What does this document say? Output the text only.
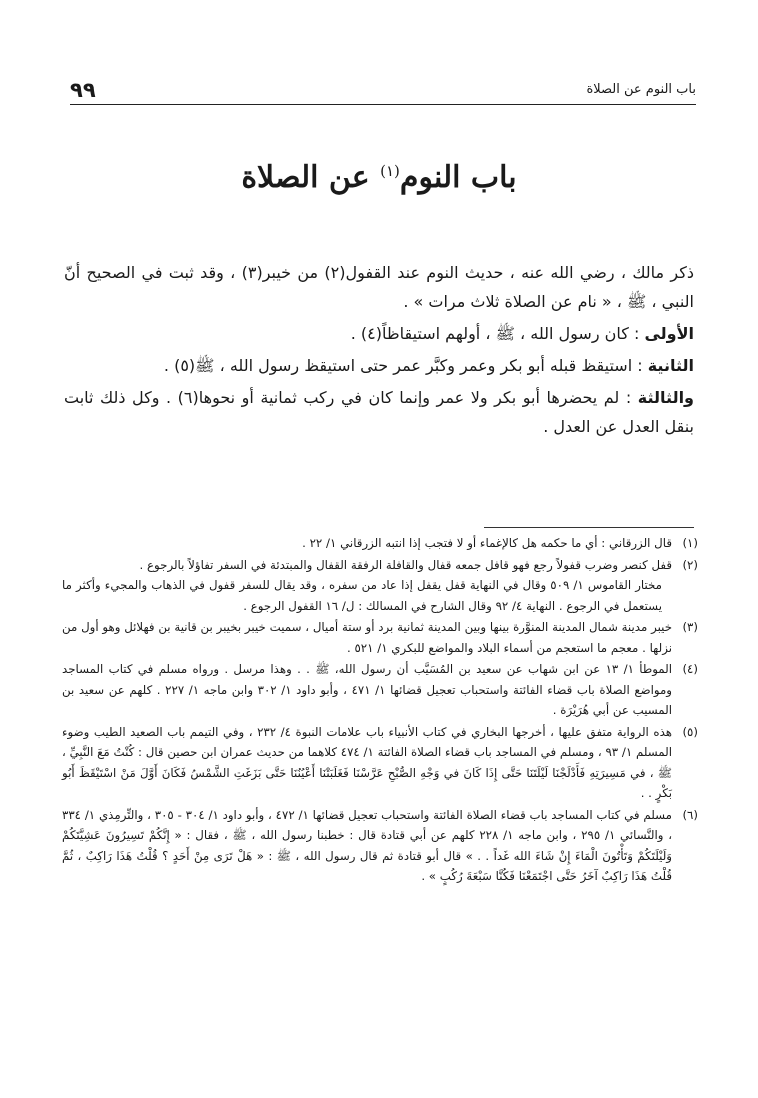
باب النوم عن الصلاة
٩٩
باب النوم$^{(١)}$ عن الصلاة

ذكر مالك ، رضي الله عنه ، حديث النوم عند القفول(٢) من خيبر(٣) ، وقد ثبت في الصحيح أنّ النبي ، ﷺ ، « نام عن الصلاة ثلاث مرات » .

الأولى : كان رسول الله ، ﷺ ، أولهم استيقاظاً(٤) .

الثانية : استيقظ قبله أبو بكر وعمر وكبَّر عمر حتى استيقظ رسول الله ، ﷺ(٥) .

والثالثة : لم يحضرها أبو بكر ولا عمر وإنما كان في ركب ثمانية أو نحوها(٦) . وكل ذلك ثابت بنقل العدل عن العدل .

(١)
قال الزرقاني : أي ما حكمه هل كالإغماء أو لا فتجب إذا انتبه الزرقاني ١/ ٢٢ .
(٢)
قفل كنصر وضرب قفولاً رجع فهو قافل جمعه قفال والقافلة الرفقة القفال والمبتدئة في السفر تفاؤلاً بالرجوع .
مختار القاموس ١/ ٥٠٩ وقال في النهاية قفل يقفل إذا عاد من سفره ، وقد يقال للسفر قفول في الذهاب والمجيء وأكثر ما يستعمل في الرجوع . النهاية ٤/ ٩٢ وقال الشارح في المسالك : ل/ ١٦ القفول الرجوع .
(٣)
خيبر مدينة شمال المدينة المنوَّرة بينها وبين المدينة ثمانية برد أو ستة أميال ، سميت خيبر بخيبر بن قانية بن فهلائل وهو أول من نزلها . معجم ما استعجم من أسماء البلاد والمواضع للبكري ١/ ٥٢١ .
(٤)
الموطأ ١/ ١٣ عن ابن شهاب عن سعيد بن المُسَيَّب أن رسول الله، ﷺ . . وهذا مرسل . ورواه مسلم في كتاب المساجد ومواضع الصلاة باب قضاء الفائتة واستحباب تعجيل قضائها ١/ ٤٧١ ، وأبو داود ١/ ٣٠٢ وابن ماجه ١/ ٢٢٧ . كلهم عن سعيد بن المسيب عن أبي هُرَيْرَة .
(٥)
هذه الرواية متفق عليها ، أخرجها البخاري في كتاب الأنبياء باب علامات النبوة ٤/ ٢٣٢ ، وفي التيمم باب الصعيد الطيب وضوء المسلم ١/ ٩٣ ، ومسلم في المساجد باب قضاء الصلاة الفائتة ١/ ٤٧٤ كلاهما من حديث عمران ابن حصين قال : كُنْتُ مَعَ النَّبِيِّ ، ﷺ ، في مَسِيرَتِهِ فَأَدْلَجْنَا لَيْلَتَنَا حَتَّى إِذَا كَانَ في وَجْهِ الصُّبْحِ عَرَّسْنَا فَغَلَبَتْنَا أَعْيُنُنَا حَتَّى بَزَغَتِ الشَّمْسُ فَكَانَ أَوَّلَ مَنْ اسْتَيْقَظَ أَبُو بَكْرٍ . .
(٦)
مسلم في كتاب المساجد باب قضاء الصلاة الفائتة واستحباب تعجيل قضائها ١/ ٤٧٢ ، وأبو داود ١/ ٣٠٤ - ٣٠٥ ، والتِّرمِذي ١/ ٣٣٤ ، والنَّسائي ١/ ٢٩٥ ، وابن ماجه ١/ ٢٢٨ كلهم عن أبي قتادة قال : خطبنا رسول الله ، ﷺ ، فقال : « إِنَّكُمْ تَسِيرُونَ عَشِيَّتَكُمْ وَلَيْلَتَكُمْ وَتَأْتُونَ الْمَاءَ إِنْ شَاءَ الله غَداً . . » قال أبو قتادة ثم قال رسول الله ، ﷺ : « هَلْ تَرَى مِنْ أَحَدٍ ؟ قُلْتُ هَذَا رَاكِبٌ ، ثُمَّ قُلْتُ هَذَا رَاكِبٌ آخَرُ حَتَّى اجْتَمَعْنَا فَكُنَّا سَبْعَةَ رُكُبٍ » .
